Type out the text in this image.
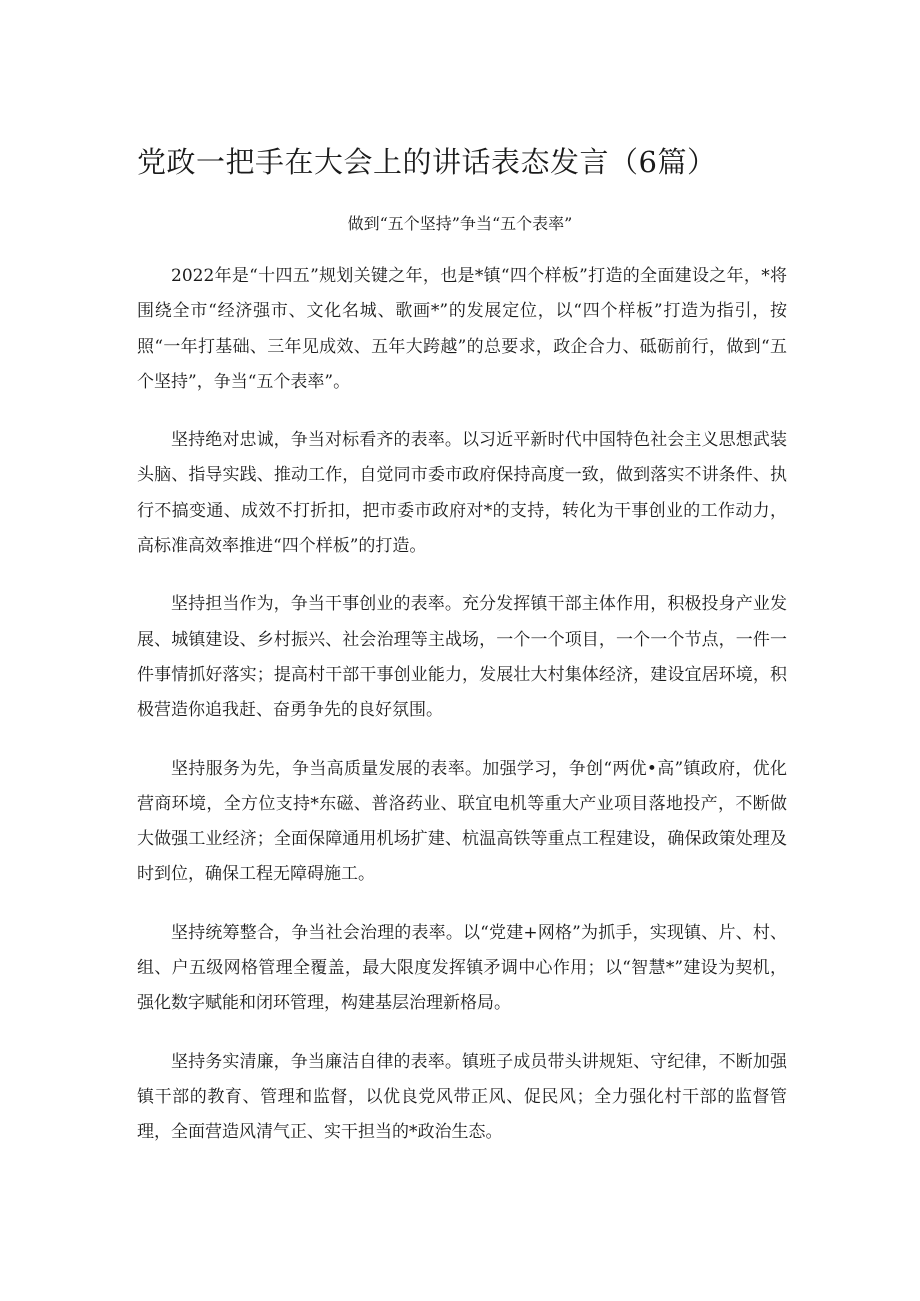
党政一把手在大会上的讲话表态发言（6篇）
做到“五个坚持”争当“五个表率”

2022年是“十四五”规划关键之年，也是*镇“四个样板”打造的全面建设之年，*将围绕全市“经济强市、文化名城、歌画*”的发展定位，以“四个样板”打造为指引，按照“一年打基础、三年见成效、五年大跨越”的总要求，政企合力、砥砺前行，做到“五个坚持”，争当“五个表率”。

坚持绝对忠诚，争当对标看齐的表率。以习近平新时代中国特色社会主义思想武装头脑、指导实践、推动工作，自觉同市委市政府保持高度一致，做到落实不讲条件、执行不搞变通、成效不打折扣，把市委市政府对*的支持，转化为干事创业的工作动力，高标准高效率推进“四个样板”的打造。

坚持担当作为，争当干事创业的表率。充分发挥镇干部主体作用，积极投身产业发展、城镇建设、乡村振兴、社会治理等主战场，一个一个项目，一个一个节点，一件一件事情抓好落实；提高村干部干事创业能力，发展壮大村集体经济，建设宜居环境，积极营造你追我赶、奋勇争先的良好氛围。

坚持服务为先，争当高质量发展的表率。加强学习，争创“两优•高”镇政府，优化营商环境，全方位支持*东磁、普洛药业、联宜电机等重大产业项目落地投产，不断做大做强工业经济；全面保障通用机场扩建、杭温高铁等重点工程建设，确保政策处理及时到位，确保工程无障碍施工。

坚持统筹整合，争当社会治理的表率。以“党建+网格”为抓手，实现镇、片、村、组、户五级网格管理全覆盖，最大限度发挥镇矛调中心作用；以“智慧*”建设为契机，强化数字赋能和闭环管理，构建基层治理新格局。

坚持务实清廉，争当廉洁自律的表率。镇班子成员带头讲规矩、守纪律，不断加强镇干部的教育、管理和监督，以优良党风带正风、促民风；全力强化村干部的监督管理，全面营造风清气正、实干担当的*政治生态。
